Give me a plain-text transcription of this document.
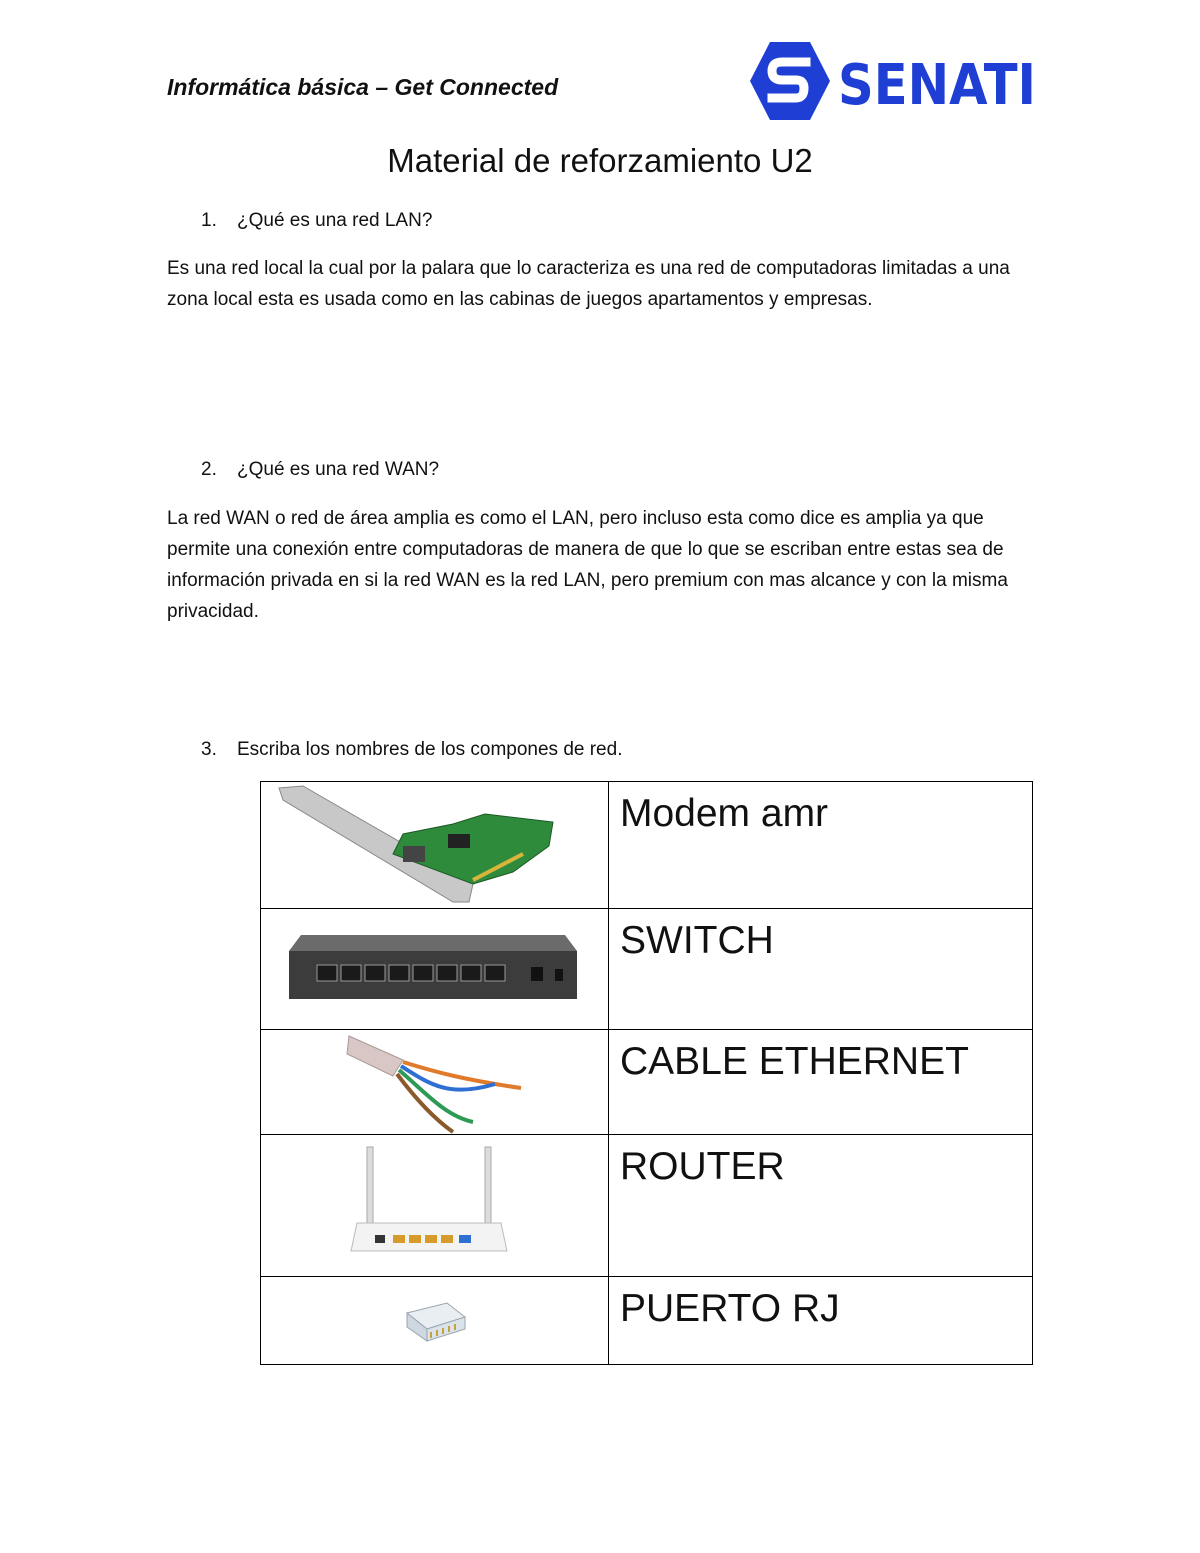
Informática básica – Get Connected	SENATI
Material de reforzamiento U2
1. ¿Qué es una red LAN?
Es una red local la cual por la palara que lo caracteriza es una red de computadoras limitadas a una zona local esta es usada como en las cabinas de juegos apartamentos y empresas.
2. ¿Qué es una red WAN?
La red WAN o red de área amplia es como el LAN, pero incluso esta como dice es amplia ya que permite una conexión entre computadoras de manera de que lo que se escriban entre estas sea de información privada en si la red WAN es la red LAN, pero premium con mas alcance y con la misma privacidad.
3. Escriba los nombres de los compones de red.
	Modem amr

	SWITCH

	CABLE ETHERNET

	ROUTER

	PUERTO RJ
